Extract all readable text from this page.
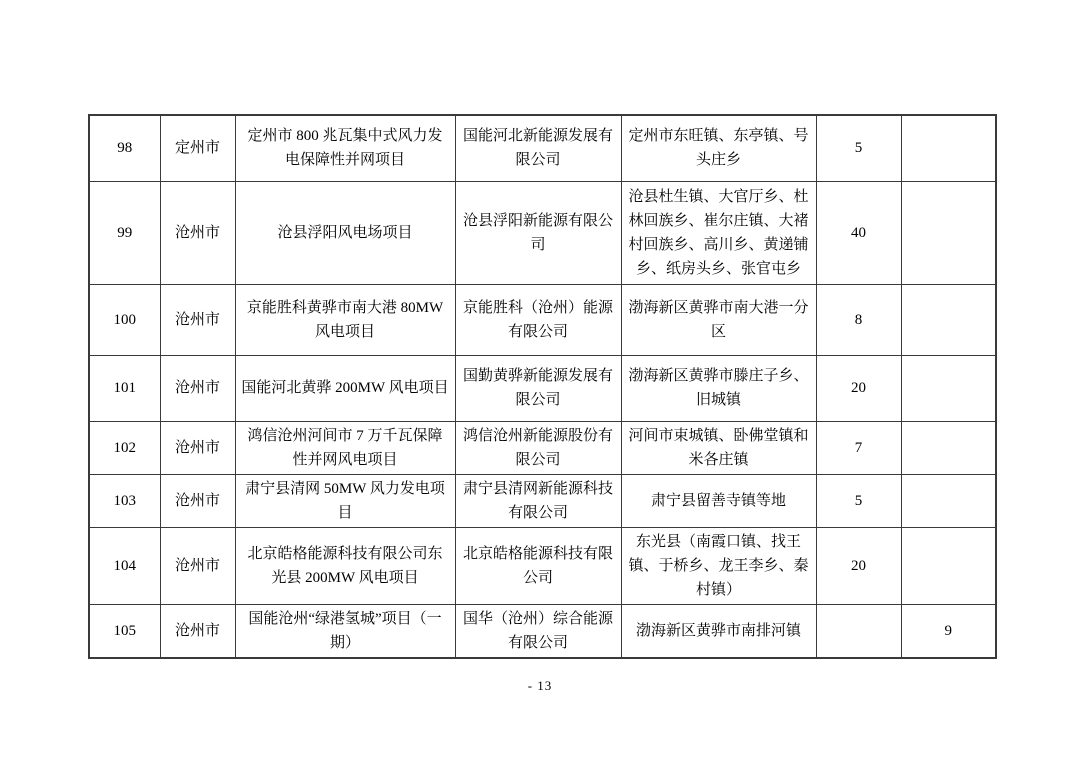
98	定州市	定州市 800 兆瓦集中式风力发电保障性并网项目	国能河北新能源发展有限公司	定州市东旺镇、东亭镇、号头庄乡	5	
99	沧州市	沧县浮阳风电场项目	沧县浮阳新能源有限公司	沧县杜生镇、大官厅乡、杜林回族乡、崔尔庄镇、大褚村回族乡、高川乡、黄递铺乡、纸房头乡、张官屯乡	40	
100	沧州市	京能胜科黄骅市南大港 80MW 风电项目	京能胜科（沧州）能源有限公司	渤海新区黄骅市南大港一分区	8	
101	沧州市	国能河北黄骅 200MW 风电项目	国勤黄骅新能源发展有限公司	渤海新区黄骅市滕庄子乡、旧城镇	20	
102	沧州市	鸿信沧州河间市 7 万千瓦保障性并网风电项目	鸿信沧州新能源股份有限公司	河间市束城镇、卧佛堂镇和米各庄镇	7	
103	沧州市	肃宁县清网 50MW 风力发电项目	肃宁县清网新能源科技有限公司	肃宁县留善寺镇等地	5	
104	沧州市	北京皓格能源科技有限公司东光县 200MW 风电项目	北京皓格能源科技有限公司	东光县（南霞口镇、找王镇、于桥乡、龙王李乡、秦村镇）	20	
105	沧州市	国能沧州“绿港氢城”项目（一期）	国华（沧州）综合能源有限公司	渤海新区黄骅市南排河镇		9
- 13
